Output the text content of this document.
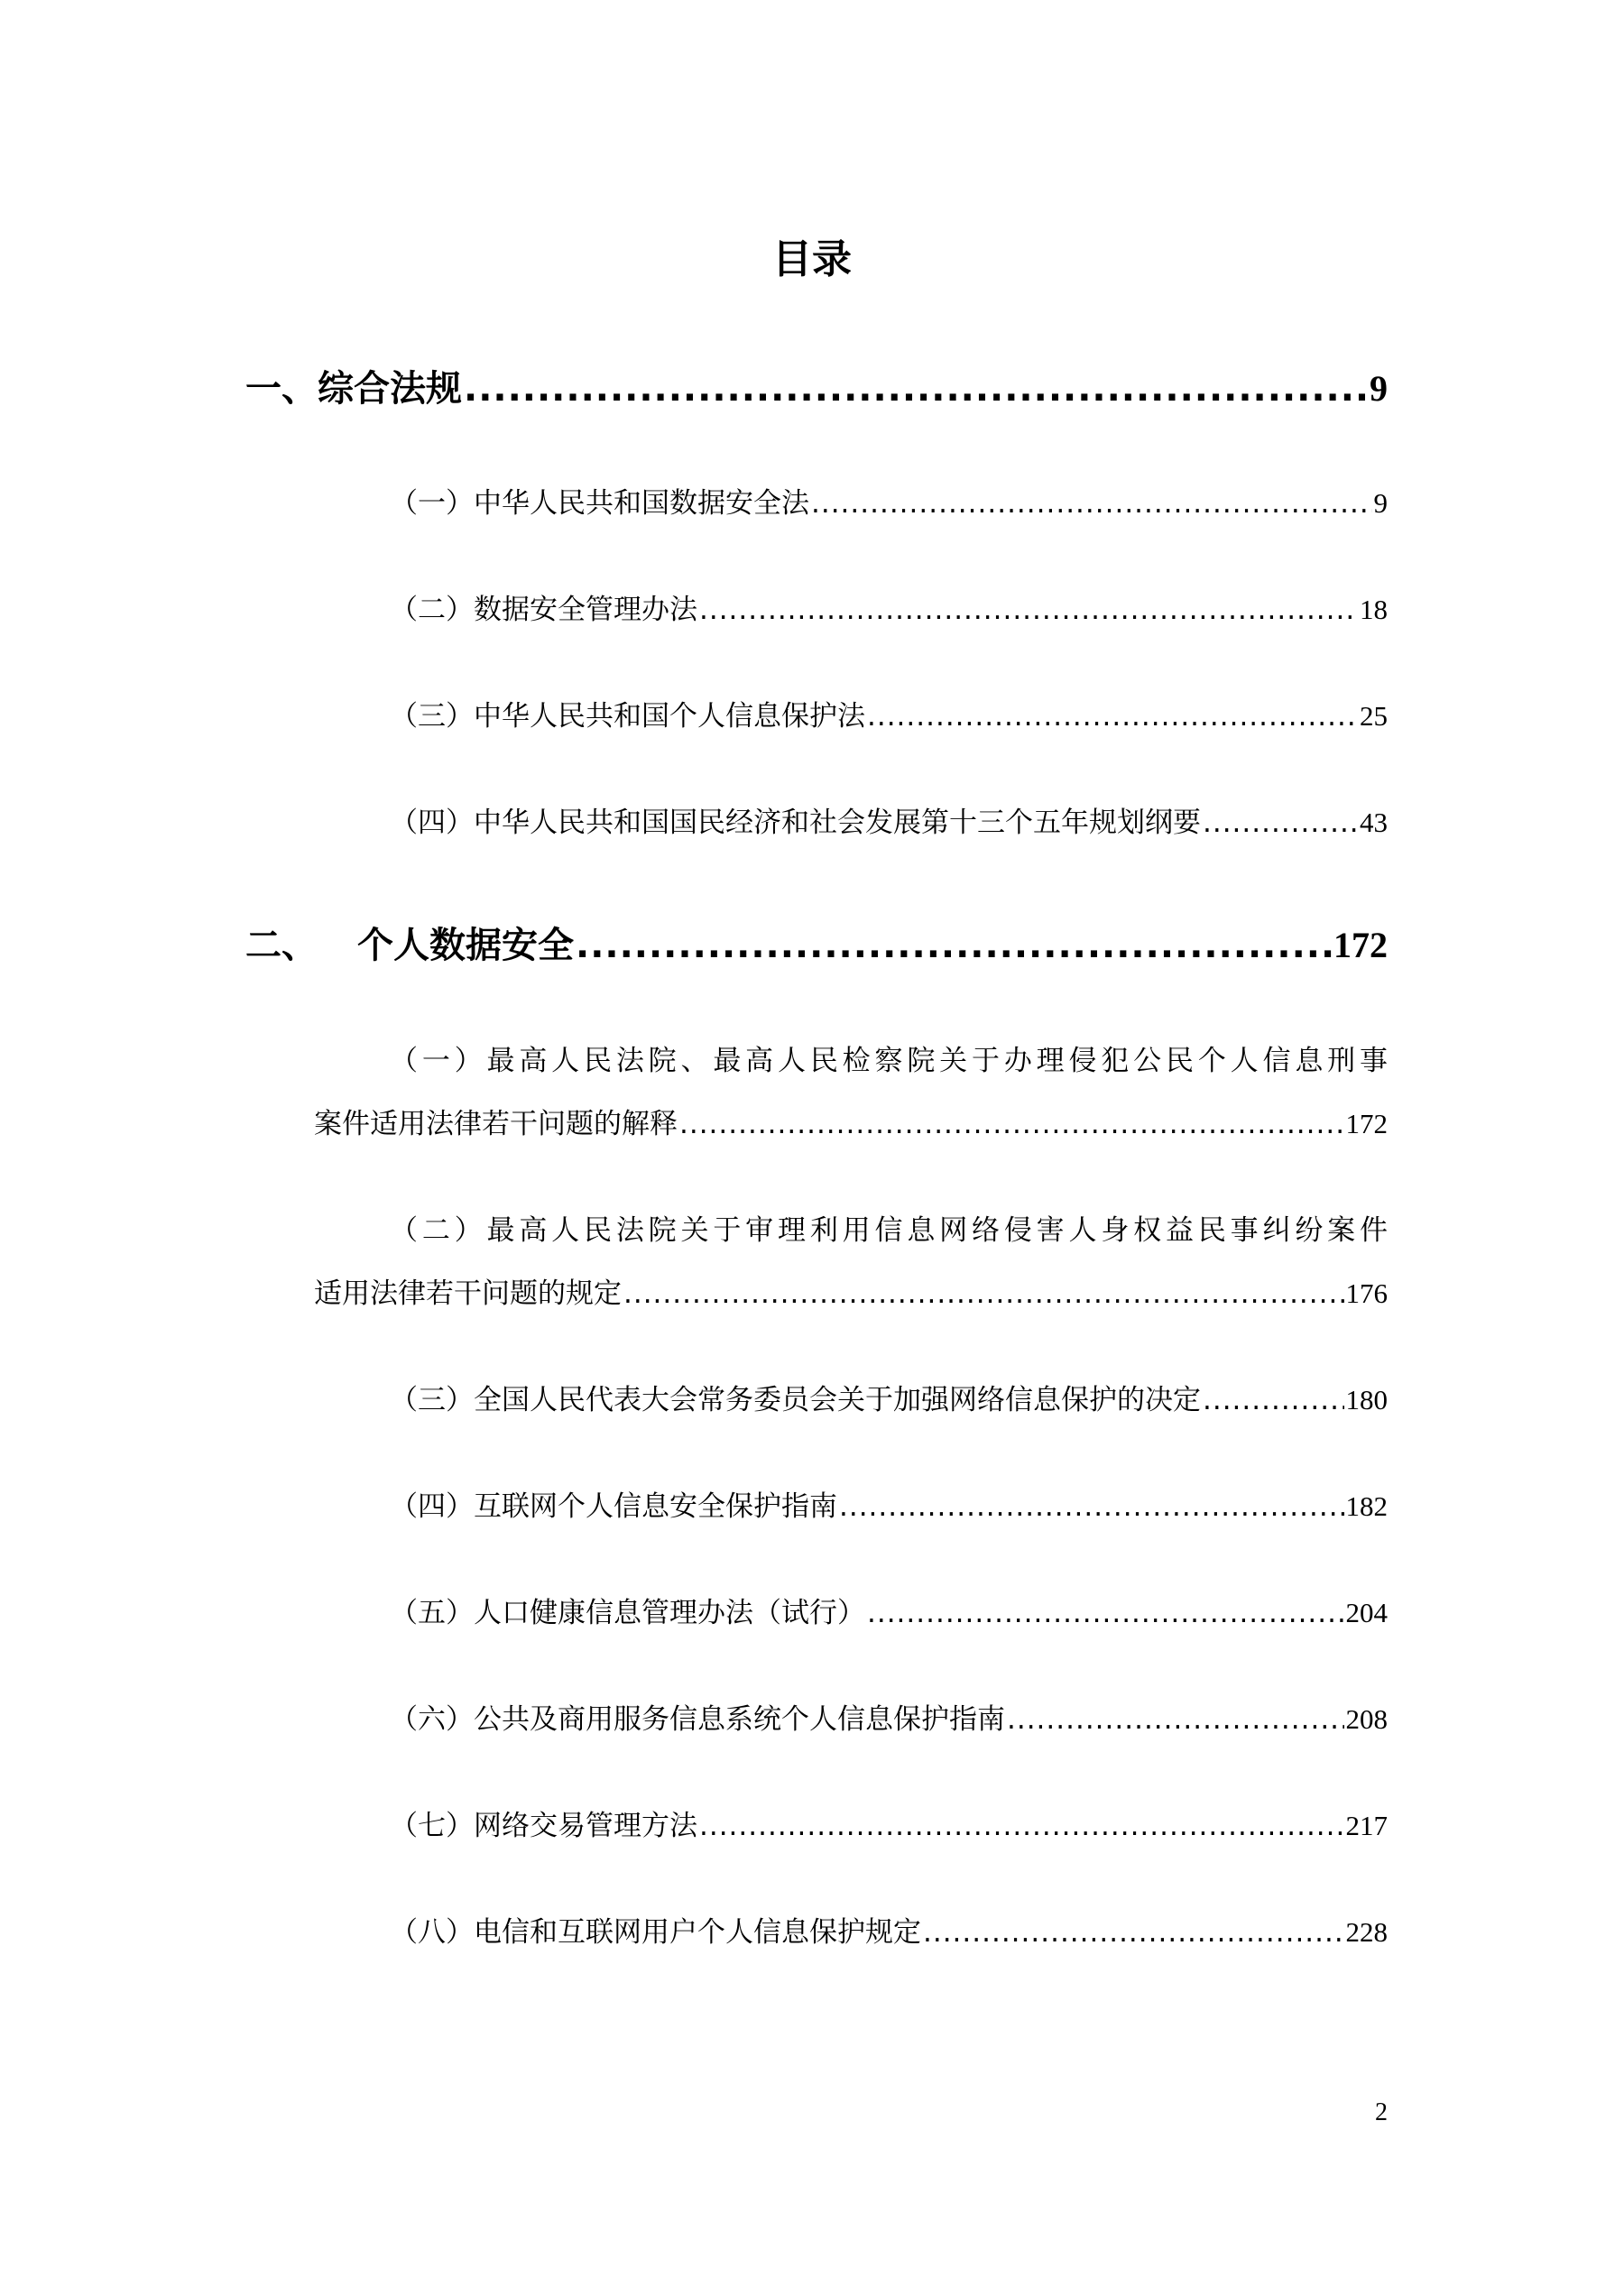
目录
一、综合法规 .....	9
（一）中华人民共和国数据安全法 .....	9
（二）数据安全管理办法 .....	18
（三）中华人民共和国个人信息保护法 .....	25
（四）中华人民共和国国民经济和社会发展第十三个五年规划纲要 .....	43
二、 个人数据安全 .....	172
（一）最高人民法院、最高人民检察院关于办理侵犯公民个人信息刑事
案件适用法律若干问题的解释 .....	172
（二）最高人民法院关于审理利用信息网络侵害人身权益民事纠纷案件
适用法律若干问题的规定 .....	176
（三）全国人民代表大会常务委员会关于加强网络信息保护的决定 .....	180
（四）互联网个人信息安全保护指南 .....	182
（五）人口健康信息管理办法（试行） .....	204
（六）公共及商用服务信息系统个人信息保护指南 .....	208
（七）网络交易管理方法 .....	217
（八）电信和互联网用户个人信息保护规定 .....	228
2
